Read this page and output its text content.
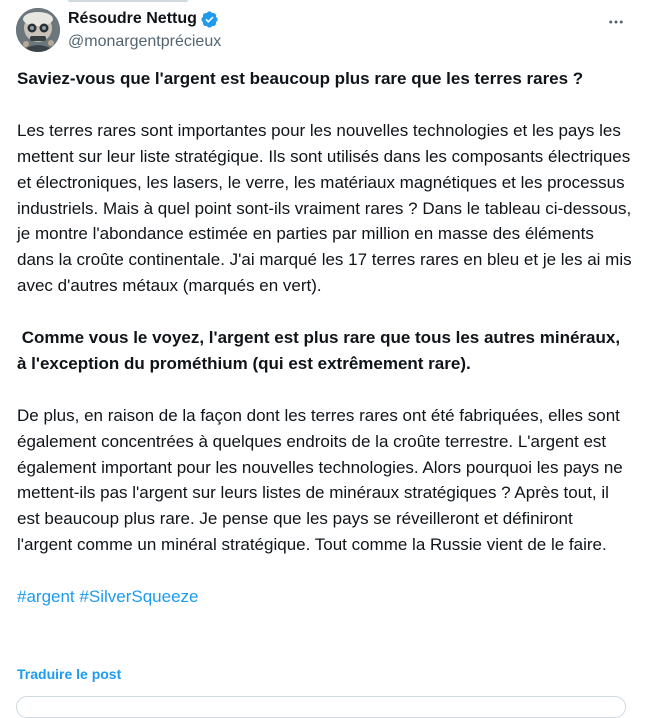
Résoudre Nettug
@monargentprécieux

Saviez-vous que l'argent est beaucoup plus rare que les terres rares ?

Les terres rares sont importantes pour les nouvelles technologies et les pays les mettent sur leur liste stratégique. Ils sont utilisés dans les composants électriques et électroniques, les lasers, le verre, les matériaux magnétiques et les processus industriels. Mais à quel point sont-ils vraiment rares ? Dans le tableau ci-dessous, je montre l'abondance estimée en parties par million en masse des éléments dans la croûte continentale. J'ai marqué les 17 terres rares en bleu et je les ai mis avec d'autres métaux (marqués en vert).

Comme vous le voyez, l'argent est plus rare que tous les autres minéraux, à l'exception du prométhium (qui est extrêmement rare).

De plus, en raison de la façon dont les terres rares ont été fabriquées, elles sont également concentrées à quelques endroits de la croûte terrestre. L'argent est également important pour les nouvelles technologies. Alors pourquoi les pays ne mettent-ils pas l'argent sur leurs listes de minéraux stratégiques ? Après tout, il est beaucoup plus rare. Je pense que les pays se réveilleront et définiront l'argent comme un minéral stratégique. Tout comme la Russie vient de le faire.

#argent #SilverSqueeze
Traduire le post
